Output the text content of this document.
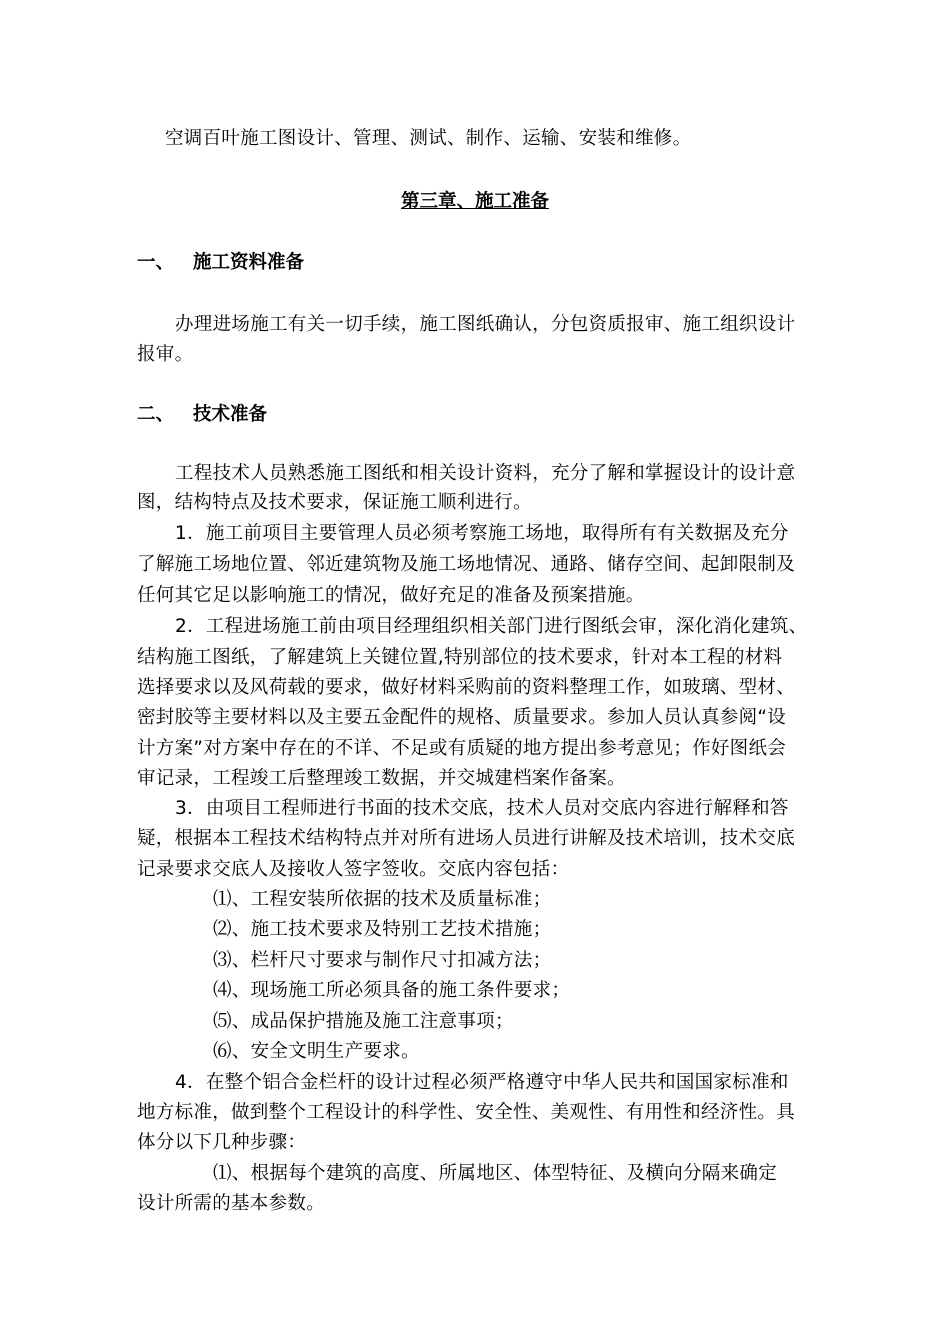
空调百叶施工图设计、管理、测试、制作、运输、安装和维修。
第三章、施工准备
一、 施工资料准备
办理进场施工有关一切手续，施工图纸确认，分包资质报审、施工组织设计
报审。
二、 技术准备
工程技术人员熟悉施工图纸和相关设计资料，充分了解和掌握设计的设计意
图，结构特点及技术要求，保证施工顺利进行。
1．施工前项目主要管理人员必须考察施工场地，取得所有有关数据及充分
了解施工场地位置、邻近建筑物及施工场地情况、通路、储存空间、起卸限制及
任何其它足以影响施工的情况，做好充足的准备及预案措施。
2．工程进场施工前由项目经理组织相关部门进行图纸会审，深化消化建筑、
结构施工图纸，了解建筑上关键位置,特别部位的技术要求，针对本工程的材料
选择要求以及风荷载的要求，做好材料采购前的资料整理工作，如玻璃、型材、
密封胶等主要材料以及主要五金配件的规格、质量要求。参加人员认真参阅“设
计方案”对方案中存在的不详、不足或有质疑的地方提出参考意见；作好图纸会
审记录，工程竣工后整理竣工数据，并交城建档案作备案。
3．由项目工程师进行书面的技术交底，技术人员对交底内容进行解释和答
疑，根据本工程技术结构特点并对所有进场人员进行讲解及技术培训，技术交底
记录要求交底人及接收人签字签收。交底内容包括：
⑴、工程安装所依据的技术及质量标准；
⑵、施工技术要求及特别工艺技术措施；
⑶、栏杆尺寸要求与制作尺寸扣减方法；
⑷、现场施工所必须具备的施工条件要求；
⑸、成品保护措施及施工注意事项；
⑹、安全文明生产要求。
4．在整个铝合金栏杆的设计过程必须严格遵守中华人民共和国国家标准和
地方标准，做到整个工程设计的科学性、安全性、美观性、有用性和经济性。具
体分以下几种步骤：
⑴、根据每个建筑的高度、所属地区、体型特征、及横向分隔来确定
设计所需的基本参数。
